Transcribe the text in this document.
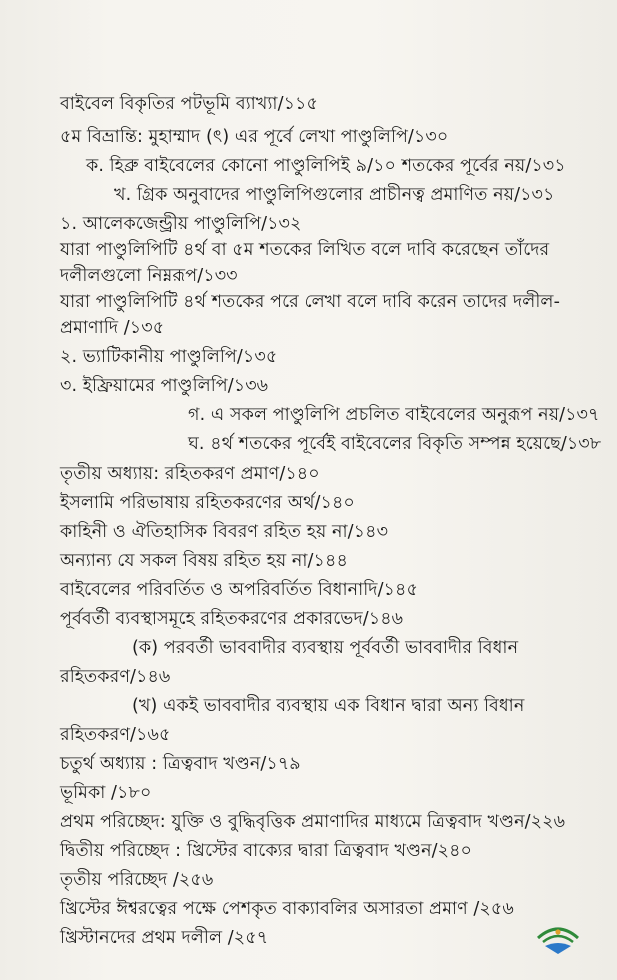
বাইবেল বিকৃতির পটভূমি ব্যাখ্যা/১১৫
৫ম বিভ্রান্তি: মুহাম্মাদ (ৎ) এর পূর্বে লেখা পাণ্ডুলিপি/১৩০
ক. হিব্রু বাইবেলের কোনো পাণ্ডুলিপিই ৯/১০ শতকের পূর্বের নয়/১৩১
খ. গ্রিক অনুবাদের পাণ্ডুলিপিগুলোর প্রাচীনত্ব প্রমাণিত নয়/১৩১
১. আলেকজেন্ড্রীয় পাণ্ডুলিপি/১৩২
যারা পাণ্ডুলিপিটি ৪র্থ বা ৫ম শতকের লিখিত বলে দাবি করেছেন তাঁদের
দলীলগুলো নিম্নরূপ/১৩৩
যারা পাণ্ডুলিপিটি ৪র্থ শতকের পরে লেখা বলে দাবি করেন তাদের দলীল-
প্রমাণাদি /১৩৫
২. ভ্যাটিকানীয় পাণ্ডুলিপি/১৩৫
৩. ইফ্রিয়ামের পাণ্ডুলিপি/১৩৬
গ. এ সকল পাণ্ডুলিপি প্রচলিত বাইবেলের অনুরূপ নয়/১৩৭
ঘ. ৪র্থ শতকের পূর্বেই বাইবেলের বিকৃতি সম্পন্ন হয়েছে/১৩৮
তৃতীয় অধ্যায়: রহিতকরণ প্রমাণ/১৪০
ইসলামি পরিভাষায় রহিতকরণের অর্থ/১৪০
কাহিনী ও ঐতিহাসিক বিবরণ রহিত হয় না/১৪৩
অন্যান্য যে সকল বিষয় রহিত হয় না/১৪৪
বাইবেলের পরিবর্তিত ও অপরিবর্তিত বিধানাদি/১৪৫
পূর্ববর্তী ব্যবস্থাসমূহে রহিতকরণের প্রকারভেদ/১৪৬
(ক) পরবর্তী ভাববাদীর ব্যবস্থায় পূর্ববর্তী ভাববাদীর বিধান
রহিতকরণ/১৪৬
(খ) একই ভাববাদীর ব্যবস্থায় এক বিধান দ্বারা অন্য বিধান
রহিতকরণ/১৬৫
চতুর্থ অধ্যায় : ত্রিত্ববাদ খণ্ডন/১৭৯
ভূমিকা /১৮০
প্রথম পরিচ্ছেদ: যুক্তি ও বুদ্ধিবৃত্তিক প্রমাণাদির মাধ্যমে ত্রিত্ববাদ খণ্ডন/২২৬
দ্বিতীয় পরিচ্ছেদ : খ্রিস্টের বাক্যের দ্বারা ত্রিত্ববাদ খণ্ডন/২৪০
তৃতীয় পরিচ্ছেদ /২৫৬
খ্রিস্টের ঈশ্বরত্বের পক্ষে পেশকৃত বাক্যাবলির অসারতা প্রমাণ /২৫৬
খ্রিস্টানদের প্রথম দলীল /২৫৭
